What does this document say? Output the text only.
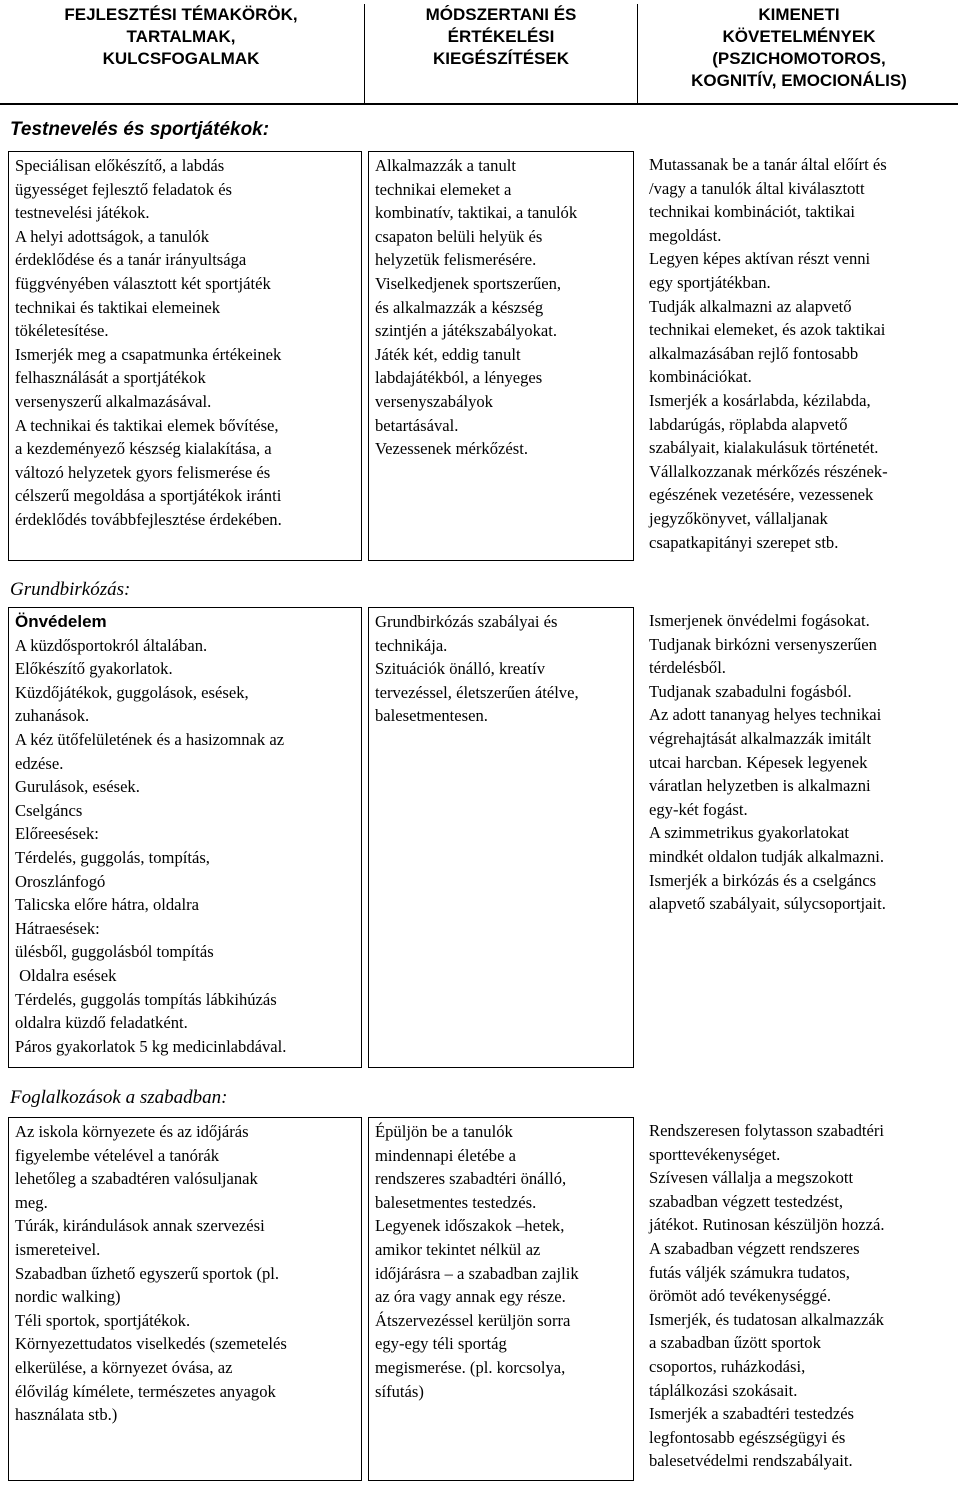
FEJLESZTÉSI TÉMAKÖRÖK,
TARTALMAK,
KULCSFOGALMAK
MÓDSZERTANI ÉS
ÉRTÉKELÉSI
KIEGÉSZÍTÉSEK
KIMENETI
KÖVETELMÉNYEK
(PSZICHOMOTOROS,
KOGNITÍV, EMOCIONÁLIS)
Testnevelés és sportjátékok:

Speciálisan előkészítő, a labdás

ügyességet fejlesztő feladatok és

testnevelési játékok.

A helyi adottságok, a tanulók

érdeklődése és a tanár irányultsága

függvényében választott két sportjáték

technikai és taktikai elemeinek

tökéletesítése.

Ismerjék meg a csapatmunka értékeinek

felhasználását a sportjátékok

versenyszerű alkalmazásával.

A technikai és taktikai elemek bővítése,

a kezdeményező készség kialakítása, a

változó helyzetek gyors felismerése és

célszerű megoldása a sportjátékok iránti

érdeklődés továbbfejlesztése érdekében.

Alkalmazzák a tanult

technikai elemeket a

kombinatív, taktikai, a tanulók

csapaton belüli helyük és

helyzetük felismerésére.

Viselkedjenek sportszerűen,

és alkalmazzák a készség

szintjén a játékszabályokat.

Játék két, eddig tanult

labdajátékból, a lényeges

versenyszabályok

betartásával.

Vezessenek mérkőzést.

Mutassanak be a tanár által előírt és

/vagy a tanulók által kiválasztott

technikai kombinációt, taktikai

megoldást.

Legyen képes aktívan részt venni

egy sportjátékban.

Tudják alkalmazni az alapvető

technikai elemeket, és azok taktikai

alkalmazásában rejlő fontosabb

kombinációkat.

Ismerjék a kosárlabda, kézilabda,

labdarúgás, röplabda alapvető

szabályait, kialakulásuk történetét.

Vállalkozzanak mérkőzés részének-

egészének vezetésére, vezessenek

jegyzőkönyvet, vállaljanak

csapatkapitányi szerepet stb.

Grundbirkózás:

Önvédelem

A küzdősportokról általában.

Előkészítő gyakorlatok.

Küzdőjátékok, guggolások, esések,

zuhanások.

A kéz ütőfelületének és a hasizomnak az

edzése.

Gurulások, esések.

Cselgáncs

Előreesések:

Térdelés, guggolás, tompítás,

Oroszlánfogó

Talicska előre hátra, oldalra

Hátraesések:

ülésből, guggolásból tompítás

Oldalra esések

Térdelés, guggolás tompítás lábkihúzás

oldalra küzdő feladatként.

Páros gyakorlatok 5 kg medicinlabdával.

Grundbirkózás szabályai és

technikája.

Szituációk önálló, kreatív

tervezéssel, életszerűen átélve,

balesetmentesen.

Ismerjenek önvédelmi fogásokat.

Tudjanak birkózni versenyszerűen

térdelésből.

Tudjanak szabadulni fogásból.

Az adott tananyag helyes technikai

végrehajtását alkalmazzák imitált

utcai harcban. Képesek legyenek

váratlan helyzetben is alkalmazni

egy-két fogást.

A szimmetrikus gyakorlatokat

mindkét oldalon tudják alkalmazni.

Ismerjék a birkózás és a cselgáncs

alapvető szabályait, súlycsoportjait.

Foglalkozások a szabadban:

Az iskola környezete és az időjárás

figyelembe vételével a tanórák

lehetőleg a szabadtéren valósuljanak

meg.

Túrák, kirándulások annak szervezési

ismereteivel.

Szabadban űzhető egyszerű sportok (pl.

nordic walking)

Téli sportok, sportjátékok.

Környezettudatos viselkedés (szemetelés

elkerülése, a környezet óvása, az

élővilág kímélete, természetes anyagok

használata stb.)

Épüljön be a tanulók

mindennapi életébe a

rendszeres szabadtéri önálló,

balesetmentes testedzés.

Legyenek időszakok –hetek,

amikor tekintet nélkül az

időjárásra – a szabadban zajlik

az óra vagy annak egy része.

Átszervezéssel kerüljön sorra

egy-egy téli sportág

megismerése. (pl. korcsolya,

sífutás)

Rendszeresen folytasson szabadtéri

sporttevékenységet.

Szívesen vállalja a megszokott

szabadban végzett testedzést,

játékot. Rutinosan készüljön hozzá.

A szabadban végzett rendszeres

futás váljék számukra tudatos,

örömöt adó tevékenységgé.

Ismerjék, és tudatosan alkalmazzák

a szabadban űzött sportok

csoportos, ruházkodási,

táplálkozási szokásait.

Ismerjék a szabadtéri testedzés

legfontosabb egészségügyi és

balesetvédelmi rendszabályait.
